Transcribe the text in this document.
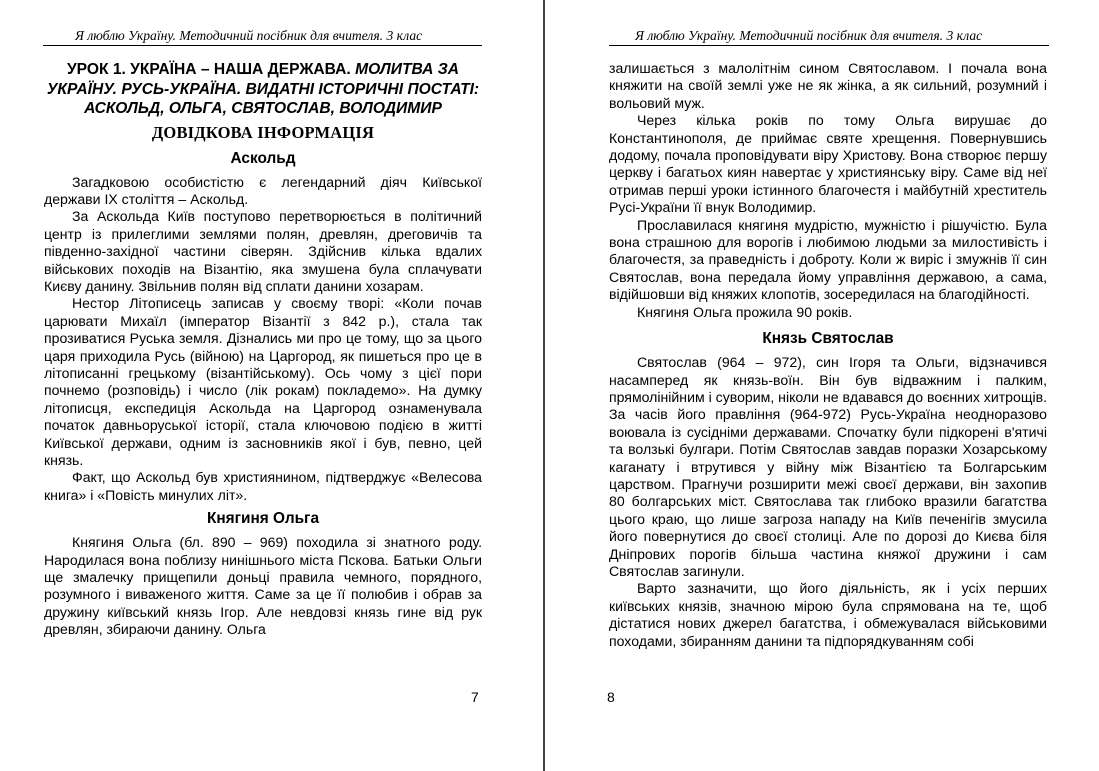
Я люблю Україну. Методичний посібник для вчителя. 3 клас
УРОК 1. УКРАЇНА – НАША ДЕРЖАВА. МОЛИТВА ЗА УКРАЇНУ. РУСЬ-УКРАЇНА. ВИДАТНІ ІСТОРИЧНІ ПОСТАТІ: АСКОЛЬД, ОЛЬГА, СВЯТОСЛАВ, ВОЛОДИМИР
ДОВІДКОВА ІНФОРМАЦІЯ
Аскольд

Загадковою особистістю є легендарний діяч Київської держави ІХ століття – Аскольд.

За Аскольда Київ поступово перетворюється в політичний центр із прилеглими землями полян, древлян, дреговичів та південно-західної частини сіверян. Здійснив кілька вдалих військових походів на Візантію, яка змушена була сплачувати Києву данину. Звільнив полян від сплати данини хозарам.

Нестор Літописець записав у своєму творі: «Коли почав царювати Михаїл (імператор Візантії з 842 р.), стала так прозиватися Руська земля. Дізнались ми про це тому, що за цього царя приходила Русь (війною) на Царгород, як пишеться про це в літописанні грецькому (візантійському). Ось чому з цієї пори почнемо (розповідь) і число (лік рокам) покладемо». На думку літописця, експедиція Аскольда на Царгород ознаменувала початок давньоруської історії, стала ключовою подією в житті Київської держави, одним із засновників якої і був, певно, цей князь.

Факт, що Аскольд був християнином, підтверджує «Велесова книга» і «Повість минулих літ».

Княгиня Ольга

Княгиня Ольга (бл. 890 – 969) походила зі знатного роду. Народилася вона поблизу нинішнього міста Пскова. Батьки Ольги ще змалечку прищепили доньці правила чемного, порядного, розумного і виваженого життя. Саме за це її полюбив і обрав за дружину київський князь Ігор. Але невдовзі князь гине від рук древлян, збираючи данину. Ольга

7
Я люблю Україну. Методичний посібник для вчителя. 3 клас

залишається з малолітнім сином Святославом. І почала вона княжити на своїй землі уже не як жінка, а як сильний, розумний і вольовий муж.

Через кілька років по тому Ольга вирушає до Константинополя, де приймає святе хрещення. Повернувшись додому, почала проповідувати віру Христову. Вона створює першу церкву і багатьох киян навертає у християнську віру. Саме від неї отримав перші уроки істинного благочестя і майбутній хреститель Русі-України її внук Володимир.

Прославилася княгиня мудрістю, мужністю і рішучістю. Була вона страшною для ворогів і любимою людьми за милостивість і благочестя, за праведність і доброту. Коли ж виріс і змужнів її син Святослав, вона передала йому управління державою, а сама, відійшовши від княжих клопотів, зосередилася на благодійності.

Княгиня Ольга прожила 90 років.

Князь Святослав

Святослав (964 – 972), син Ігоря та Ольги, відзначився насамперед як князь-воїн. Він був відважним і палким, прямолінійним і суворим, ніколи не вдавався до воєнних хитрощів. За часів його правління (964-972) Русь-Україна неодноразово воювала із сусідніми державами. Спочатку були підкорені в'ятичі та волзькі булгари. Потім Святослав завдав поразки Хозарському каганату і втрутився у війну між Візантією та Болгарським царством. Прагнучи розширити межі своєї держави, він захопив 80 болгарських міст. Святослава так глибоко вразили багатства цього краю, що лише загроза нападу на Київ печенігів змусила його повернутися до своєї столиці. Але по дорозі до Києва біля Дніпрових порогів більша частина княжої дружини і сам Святослав загинули.

Варто зазначити, що його діяльність, як і усіх перших київських князів, значною мірою була спрямована на те, щоб дістатися нових джерел багатства, і обмежувалася військовими походами, збиранням данини та підпорядкуванням собі

8
